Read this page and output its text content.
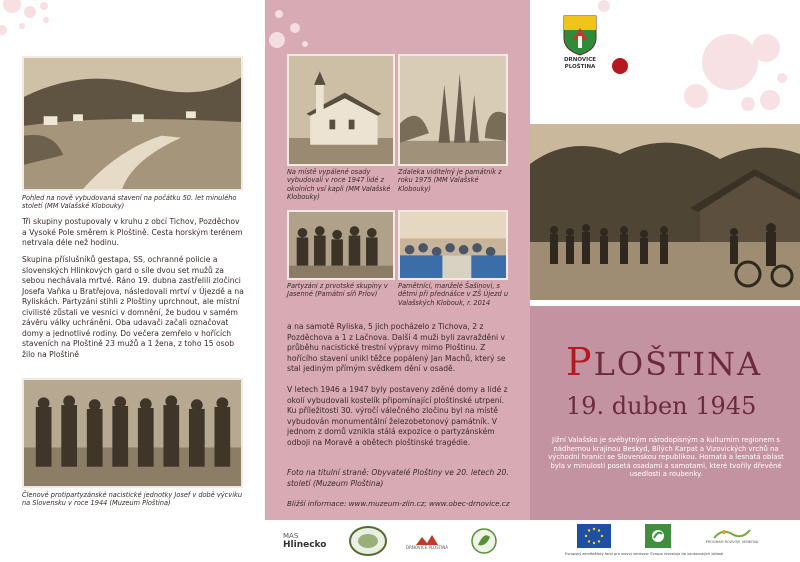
Pohled na nově vybudovaná stavení na počátku 50. let minulého století (MM Valašské Klobouky)
Tři skupiny postupovaly v kruhu z obcí Tichov, Pozděchov a Vysoké Pole směrem k Ploštině. Cesta horským terénem netrvala déle než hodinu.
Skupina příslušníků gestapa, SS, ochranné policie a slovenských Hlinkových gard o síle dvou set mužů za sebou nechávala mrtvé. Ráno 19. dubna zastřelili zločinci Josefa Vaňka u Bratřejova, následovali mrtví v Újezdě a na Ryliskách. Partyzáni stihli z Ploštiny uprchnout, ale místní civilisté zůstali ve vesnici v domnění, že budou v samém závěru války uchráněni. Oba udavači začali označovat domy a jednotlivé rodiny. Do večera zemřelo v hořících staveních na Ploštině 23 mužů a 1 žena, z toho 15 osob žilo na Ploštině
Členové protipartyzánské nacistické jednotky Josef v době výcviku na Slovensku v roce 1944 (Muzeum Ploština)
Na místě vypálené osady vybudovali v roce 1947 lidé z okolních vsí kapli (MM Valašské Klobouky)
Zdaleka viditelný je památník z roku 1975 (MM Valašské Klobouky)
Partyzáni z prvotské skupiny v Jasenné (Památní síň Prlov)
Pamětníci, manželé Šašinovi, s dětmi při přednášce v ZŠ Újezd u Valašských Klobouk, r. 2014
a na samotě Ryliska, 5 jich pocházelo z Tichova, 2 z Pozděchova a 1 z Lačnova. Další 4 muži byli zavražděni v průběhu nacistické trestní výpravy mimo Ploštinu. Z hořícího stavení unikl těžce popálený Jan Machů, který se stal jediným přímým svědkem dění v osadě.
V letech 1946 a 1947 byly postaveny zděné domy a lidé z okolí vybudovali kostelík připomínající ploštinské utrpení. Ku příležitosti 30. výročí válečného zločinu byl na místě vybudován monumentální železobetonový památník. V jednom z domů vznikla stálá expozice o partyzánském odboji na Moravě a obětech ploštinské tragédie.
Foto na titulní straně: Obyvatelé Ploštiny ve 20. letech 20. století (Muzeum Ploština)
Bližší informace: www.muzeum-zlin.cz; www.obec-drnovice.cz
DRNOVICE
PLOŠTINA
PLOŠTINA
19. duben 1945
Jižní Valašsko je svébytným národopisným a kulturním regionem s nádhernou krajinou Beskyd, Bílých Karpat a Vizovických vrchů na východní hranici se Slovenskou republikou. Hornatá a lesnatá oblast byla v minulosti posetá osadami a samotami, které tvořily dřevěné usedlosti a roubenky.
MAS
Hlinecko	DRNOVICE PLOŠTINA
PROGRAM ROZVOJE VENKOVA
Evropský zemědělský fond pro rozvoj venkova: Evropa investuje do venkovských oblastí
